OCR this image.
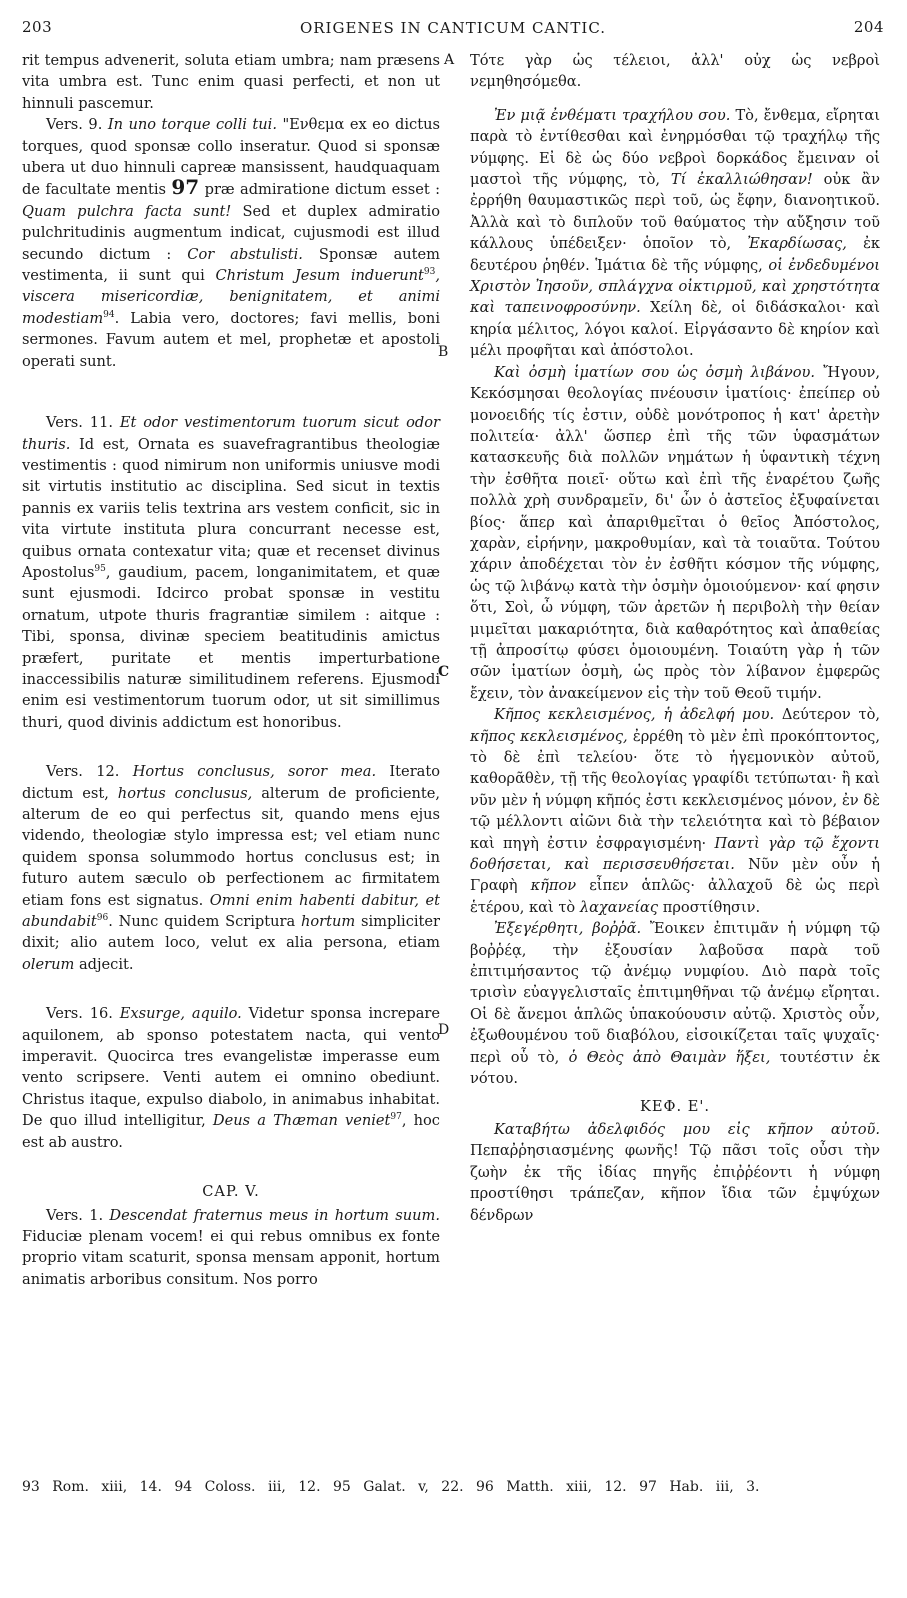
203	ORIGENES IN CANTICUM CANTIC.	204
A
B
C
D

rit tempus advenerit, soluta etiam umbra; nam præsens vita umbra est. Tunc enim quasi perfecti, et non ut hinnuli pascemur.

Vers. 9. In uno torque colli tui. "Ενθεμα ex eo dictus torques, quod sponsæ collo inseratur. Quod si sponsæ ubera ut duo hinnuli capreæ mansissent, haudquaquam de facultate mentis 97 præ admiratione dictum esset : Quam pulchra facta sunt! Sed et duplex admiratio pulchritudinis augmentum indicat, cujusmodi est illud secundo dictum : Cor abstulisti. Sponsæ autem vestimenta, ii sunt qui Christum Jesum induerunt$^{93}$, viscera misericordiæ, benignitatem, et animi modestiam$^{94}$. Labia vero, doctores; favi mellis, boni sermones. Favum autem et mel, prophetæ et apostoli operati sunt.

Vers. 11. Et odor vestimentorum tuorum sicut odor thuris. Id est, Ornata es suavefragrantibus theologiæ vestimentis : quod nimirum non uniformis uniusve modi sit virtutis institutio ac disciplina. Sed sicut in textis pannis ex variis telis textrina ars vestem conficit, sic in vita virtute instituta plura concurrant necesse est, quibus ornata contexatur vita; quæ et recenset divinus Apostolus$^{95}$, gaudium, pacem, longanimitatem, et quæ sunt ejusmodi. Idcirco probat sponsæ in vestitu ornatum, utpote thuris fragrantiæ similem : aitque : Tibi, sponsa, divinæ speciem beatitudinis amictus præfert, puritate et mentis imperturbatione inaccessibilis naturæ similitudinem referens. Ejusmodi enim esi vestimentorum tuorum odor, ut sit simillimus thuri, quod divinis addictum est honoribus.

Vers. 12. Hortus conclusus, soror mea. Iterato dictum est, hortus conclusus, alterum de proficiente, alterum de eo qui perfectus sit, quando mens ejus videndo, theologiæ stylo impressa est; vel etiam nunc quidem sponsa solummodo hortus conclusus est; in futuro autem sæculo ob perfectionem ac firmitatem etiam fons est signatus. Omni enim habenti dabitur, et abundabit$^{96}$. Nunc quidem Scriptura hortum simpliciter dixit; alio autem loco, velut ex alia persona, etiam olerum adjecit.

Vers. 16. Exsurge, aquilo. Videtur sponsa increpare aquilonem, ab sponso potestatem nacta, qui vento imperavit. Quocirca tres evangelistæ imperasse eum vento scripsere. Venti autem ei omnino obediunt. Christus itaque, expulso diabolo, in animabus inhabitat. De quo illud intelligitur, Deus a Thæman veniet$^{97}$, hoc est ab austro.

CAP. V.

Vers. 1. Descendat fraternus meus in hortum suum. Fiduciæ plenam vocem! ei qui rebus omnibus ex fonte proprio vitam scaturit, sponsa mensam apponit, hortum animatis arboribus consitum. Nos porro

Τότε γὰρ ὡς τέλειοι, ἀλλ' οὐχ ὡς νεβροὶ νεμηθησόμεθα.

Ἐν μιᾷ ἐνθέματι τραχήλου σου. Τὸ, ἔνθεμα, εἴρηται παρὰ τὸ ἐντίθεσθαι καὶ ἐνηρμόσθαι τῷ τραχήλῳ τῆς νύμφης. Εἰ δὲ ὡς δύο νεβροὶ δορκάδος ἔμειναν οἱ μαστοὶ τῆς νύμφης, τὸ, Τί ἐκαλλιώθησαν! οὐκ ἂν ἐρρήθη θαυμαστικῶς περὶ τοῦ, ὡς ἔφην, διανοητικοῦ. Ἀλλὰ καὶ τὸ διπλοῦν τοῦ θαύματος τὴν αὔξησιν τοῦ κάλλους ὑπέδειξεν· ὁποῖον τὸ, Ἐκαρδίωσας, ἐκ δευτέρου ῥηθέν. Ἱμάτια δὲ τῆς νύμφης, οἱ ἐνδεδυμένοι Χριστὸν Ἰησοῦν, σπλάγχνα οἰκτιρμοῦ, καὶ χρηστότητα καὶ ταπεινοφροσύνην. Χείλη δὲ, οἱ διδάσκαλοι· καὶ κηρία μέλιτος, λόγοι καλοί. Εἰργάσαντο δὲ κηρίον καὶ μέλι προφῆται καὶ ἀπόστολοι.

Καὶ ὀσμὴ ἱματίων σου ὡς ὀσμὴ λιβάνου. Ἤγουν, Κεκόσμησαι θεολογίας πνέουσιν ἱματίοις· ἐπείπερ οὐ μονοειδής τίς ἐστιν, οὐδὲ μονότροπος ἡ κατ' ἀρετὴν πολιτεία· ἀλλ' ὥσπερ ἐπὶ τῆς τῶν ὑφασμάτων κατασκευῆς διὰ πολλῶν νημάτων ἡ ὑφαντικὴ τέχνη τὴν ἐσθῆτα ποιεῖ· οὕτω καὶ ἐπὶ τῆς ἐναρέτου ζωῆς πολλὰ χρὴ συνδραμεῖν, δι' ὧν ὁ ἀστεῖος ἐξυφαίνεται βίος· ἅπερ καὶ ἀπαριθμεῖται ὁ θεῖος Ἀπόστολος, χαρὰν, εἰρήνην, μακροθυμίαν, καὶ τὰ τοιαῦτα. Τούτου χάριν ἀποδέχεται τὸν ἐν ἐσθῆτι κόσμον τῆς νύμφης, ὡς τῷ λιβάνῳ κατὰ τὴν ὀσμὴν ὁμοιούμενον· καί φησιν ὅτι, Σοὶ, ὦ νύμφη, τῶν ἀρετῶν ἡ περιβολὴ τὴν θείαν μιμεῖται μακαριότητα, διὰ καθαρότητος καὶ ἀπαθείας τῇ ἀπροσίτῳ φύσει ὁμοιουμένη. Τοιαύτη γὰρ ἡ τῶν σῶν ἱματίων ὀσμὴ, ὡς πρὸς τὸν λίβανον ἐμφερῶς ἔχειν, τὸν ἀνακείμενον εἰς τὴν τοῦ Θεοῦ τιμήν.

Κῆπος κεκλεισμένος, ἡ ἀδελφή μου. Δεύτερον τὸ, κῆπος κεκλεισμένος, ἐρρέθη τὸ μὲν ἐπὶ προκόπτοντος, τὸ δὲ ἐπὶ τελείου· ὅτε τὸ ἡγεμονικὸν αὐτοῦ, καθορᾶθὲν, τῇ τῆς θεολογίας γραφίδι τετύπωται· ἢ καὶ νῦν μὲν ἡ νύμφη κῆπός ἐστι κεκλεισμένος μόνον, ἐν δὲ τῷ μέλλοντι αἰῶνι διὰ τὴν τελειότητα καὶ τὸ βέβαιον καὶ πηγὴ ἐστιν ἐσφραγισμένη· Παντὶ γὰρ τῷ ἔχοντι δοθήσεται, καὶ περισσευθήσεται. Νῦν μὲν οὖν ἡ Γραφὴ κῆπον εἶπεν ἁπλῶς· ἀλλαχοῦ δὲ ὡς περὶ ἑτέρου, καὶ τὸ λαχανείας προστίθησιν.

Ἐξεγέρθητι, βοῤῥᾶ. Ἔοικεν ἐπιτιμᾶν ἡ νύμφη τῷ βοῤῥέᾳ, τὴν ἐξουσίαν λαβοῦσα παρὰ τοῦ ἐπιτιμήσαντος τῷ ἀνέμῳ νυμφίου. Διὸ παρὰ τοῖς τρισὶν εὐαγγελισταῖς ἐπιτιμηθῆναι τῷ ἀνέμῳ εἴρηται. Οἱ δὲ ἄνεμοι ἁπλῶς ὑπακούουσιν αὐτῷ. Χριστὸς οὖν, ἐξωθουμένου τοῦ διαβόλου, εἰσοικίζεται ταῖς ψυχαῖς· περὶ οὗ τὸ, ὁ Θεὸς ἀπὸ Θαιμὰν ἥξει, τουτέστιν ἐκ νότου.

ΚΕΦ. Ε'.

Καταβήτω ἀδελφιδός μου εἰς κῆπον αὐτοῦ. Πεπαῤῥησιασμένης φωνῆς! Τῷ πᾶσι τοῖς οὖσι τὴν ζωὴν ἐκ τῆς ἰδίας πηγῆς ἐπιῤῥέοντι ἡ νύμφη προστίθησι τράπεζαν, κῆπον ἴδια τῶν ἐμψύχων δένδρων

93 Rom. xiii, 14. 94 Coloss. iii, 12. 95 Galat. v, 22. 96 Matth. xiii, 12. 97 Hab. iii, 3.
